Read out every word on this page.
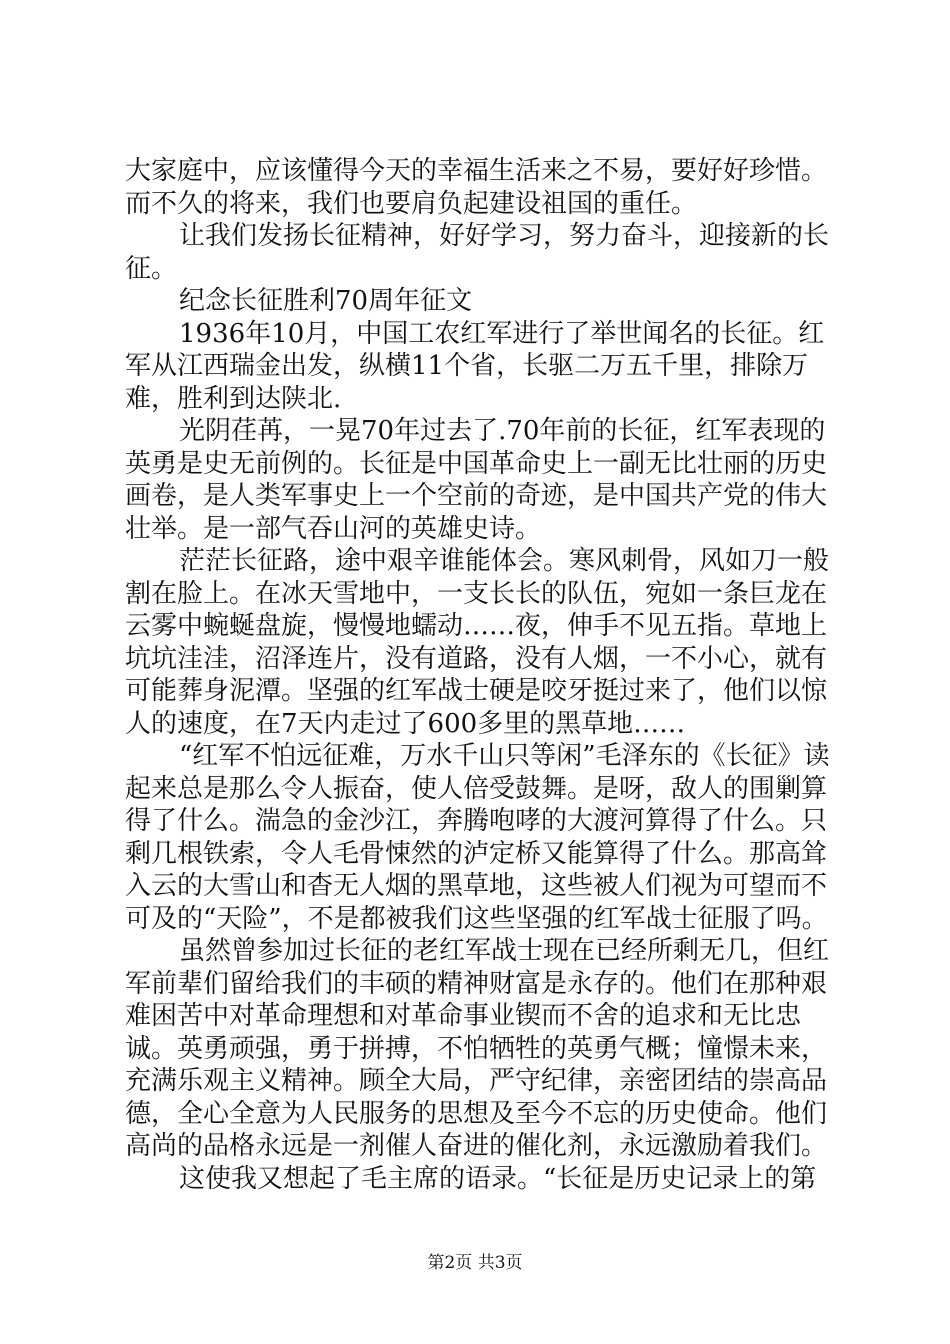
大家庭中，应该懂得今天的幸福生活来之不易，要好好珍惜。而不久的将来，我们也要肩负起建设祖国的重任。

让我们发扬长征精神，好好学习，努力奋斗，迎接新的长征。

纪念长征胜利70周年征文

1936年10月，中国工农红军进行了举世闻名的长征。红军从江西瑞金出发，纵横11个省，长驱二万五千里，排除万难，胜利到达陕北.

光阴荏苒，一晃70年过去了.70年前的长征，红军表现的英勇是史无前例的。长征是中国革命史上一副无比壮丽的历史画卷，是人类军事史上一个空前的奇迹，是中国共产党的伟大壮举。是一部气吞山河的英雄史诗。

茫茫长征路，途中艰辛谁能体会。寒风刺骨，风如刀一般割在脸上。在冰天雪地中，一支长长的队伍，宛如一条巨龙在云雾中蜿蜒盘旋，慢慢地蠕动……夜，伸手不见五指。草地上坑坑洼洼，沼泽连片，没有道路，没有人烟，一不小心，就有可能葬身泥潭。坚强的红军战士硬是咬牙挺过来了，他们以惊人的速度，在7天内走过了600多里的黑草地……

“红军不怕远征难，万水千山只等闲”毛泽东的《长征》读起来总是那么令人振奋，使人倍受鼓舞。是呀，敌人的围剿算得了什么。湍急的金沙江，奔腾咆哮的大渡河算得了什么。只剩几根铁索，令人毛骨悚然的泸定桥又能算得了什么。那高耸入云的大雪山和杳无人烟的黑草地，这些被人们视为可望而不可及的“天险”，不是都被我们这些坚强的红军战士征服了吗。

虽然曾参加过长征的老红军战士现在已经所剩无几，但红军前辈们留给我们的丰硕的精神财富是永存的。他们在那种艰难困苦中对革命理想和对革命事业锲而不舍的追求和无比忠诚。英勇顽强，勇于拼搏，不怕牺牲的英勇气概；憧憬未来，充满乐观主义精神。顾全大局，严守纪律，亲密团结的崇高品德，全心全意为人民服务的思想及至今不忘的历史使命。他们高尚的品格永远是一剂催人奋进的催化剂，永远激励着我们。

这使我又想起了毛主席的语录。“长征是历史记录上的第

第2页 共3页
